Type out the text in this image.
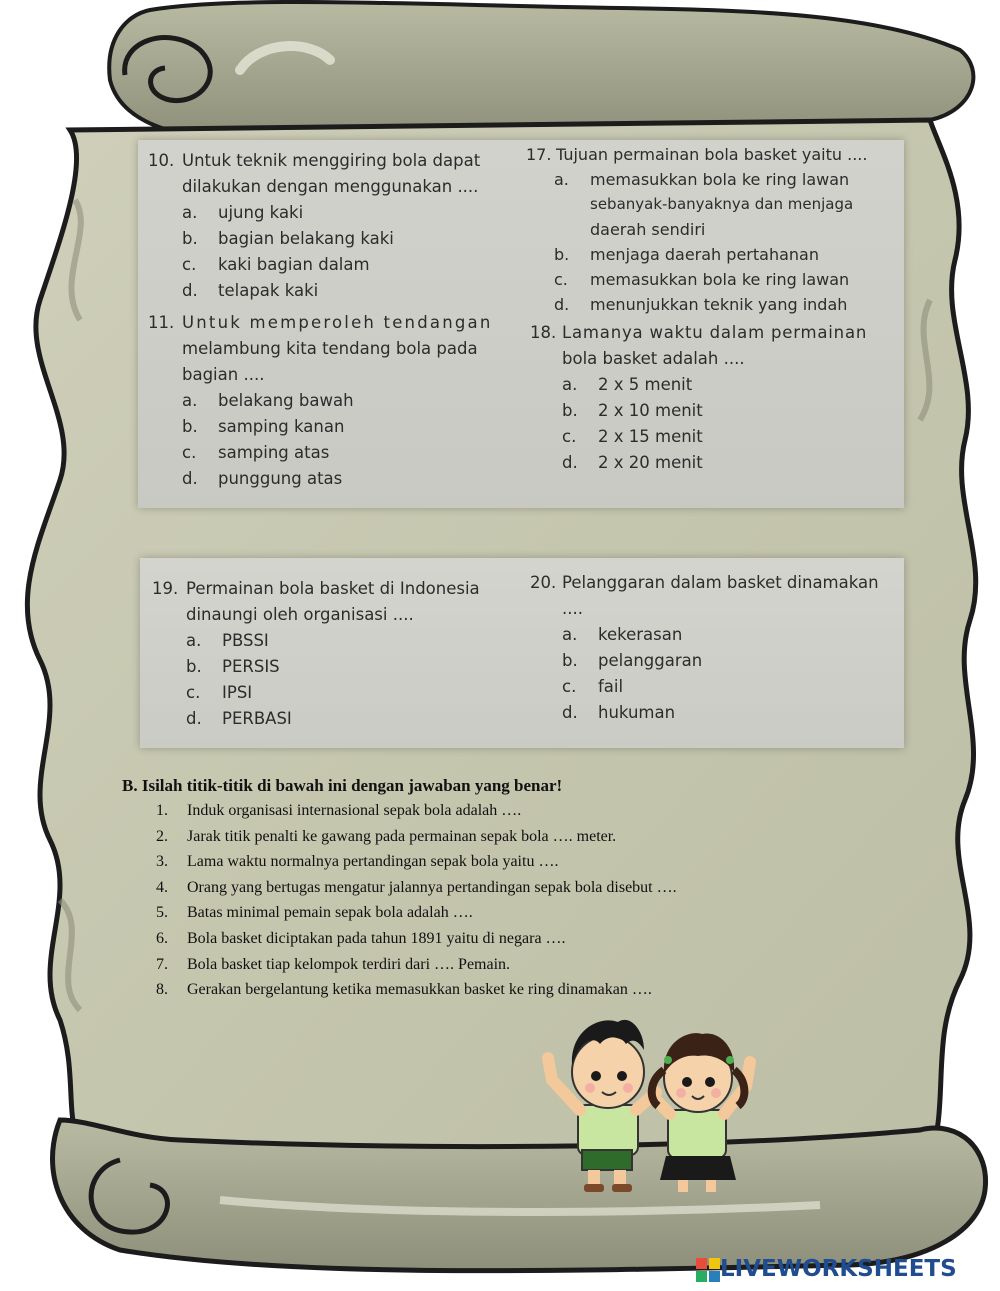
10. Untuk teknik menggiring bola dapat
dilakukan dengan menggunakan ....
a. ujung kaki
b. bagian belakang kaki
c. kaki bagian dalam
d. telapak kaki
11. Untuk memperoleh tendangan
melambung kita tendang bola pada
bagian ....
a. belakang bawah
b. samping kanan
c. samping atas
d. punggung atas
17. Tujuan permainan bola basket yaitu ....
a. memasukkan bola ke ring lawan
sebanyak-banyaknya dan menjaga
daerah sendiri
b. menjaga daerah pertahanan
c. memasukkan bola ke ring lawan
d. menunjukkan teknik yang indah
18. Lamanya waktu dalam permainan
bola basket adalah ....
a. 2 x 5 menit
b. 2 x 10 menit
c. 2 x 15 menit
d. 2 x 20 menit
19. Permainan bola basket di Indonesia
dinaungi oleh organisasi ....
a. PBSSI
b. PERSIS
c. IPSI
d. PERBASI
20. Pelanggaran dalam basket dinamakan
....
a. kekerasan
b. pelanggaran
c. fail
d. hukuman
B. Isilah titik-titik di bawah ini dengan jawaban yang benar!
1.	Induk organisasi internasional sepak bola adalah ….
2.	Jarak titik penalti ke gawang pada permainan sepak bola …. meter.
3.	Lama waktu normalnya pertandingan sepak bola yaitu ….
4.	Orang yang bertugas mengatur jalannya pertandingan sepak bola disebut ….
5.	Batas minimal pemain sepak bola adalah ….
6.	Bola basket diciptakan pada tahun 1891 yaitu di negara ….
7.	Bola basket tiap kelompok terdiri dari …. Pemain.
8.	Gerakan bergelantung ketika memasukkan basket ke ring dinamakan ….
LIVEWORKSHEETS
